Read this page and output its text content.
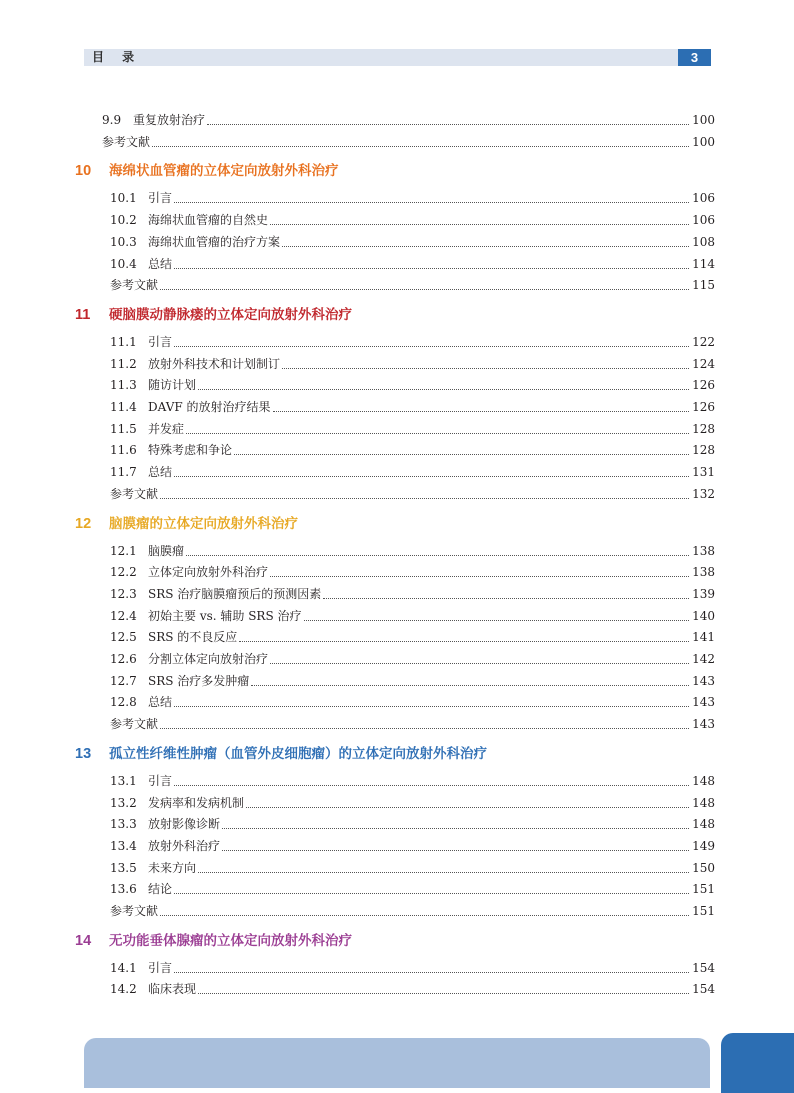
目 录	3
9.9 重复放射治疗	100
参考文献	100
10 海绵状血管瘤的立体定向放射外科治疗
10.1 引言	106
10.2 海绵状血管瘤的自然史	106
10.3 海绵状血管瘤的治疗方案	108
10.4 总结	114
参考文献	115
11 硬脑膜动静脉瘘的立体定向放射外科治疗
11.1 引言	122
11.2 放射外科技术和计划制订	124
11.3 随访计划	126
11.4 DAVF 的放射治疗结果	126
11.5 并发症	128
11.6 特殊考虑和争论	128
11.7 总结	131
参考文献	132
12 脑膜瘤的立体定向放射外科治疗
12.1 脑膜瘤	138
12.2 立体定向放射外科治疗	138
12.3 SRS 治疗脑膜瘤预后的预测因素	139
12.4 初始主要 vs. 辅助 SRS 治疗	140
12.5 SRS 的不良反应	141
12.6 分割立体定向放射治疗	142
12.7 SRS 治疗多发肿瘤	143
12.8 总结	143
参考文献	143
13 孤立性纤维性肿瘤（血管外皮细胞瘤）的立体定向放射外科治疗
13.1 引言	148
13.2 发病率和发病机制	148
13.3 放射影像诊断	148
13.4 放射外科治疗	149
13.5 未来方向	150
13.6 结论	151
参考文献	151
14 无功能垂体腺瘤的立体定向放射外科治疗
14.1 引言	154
14.2 临床表现	154
